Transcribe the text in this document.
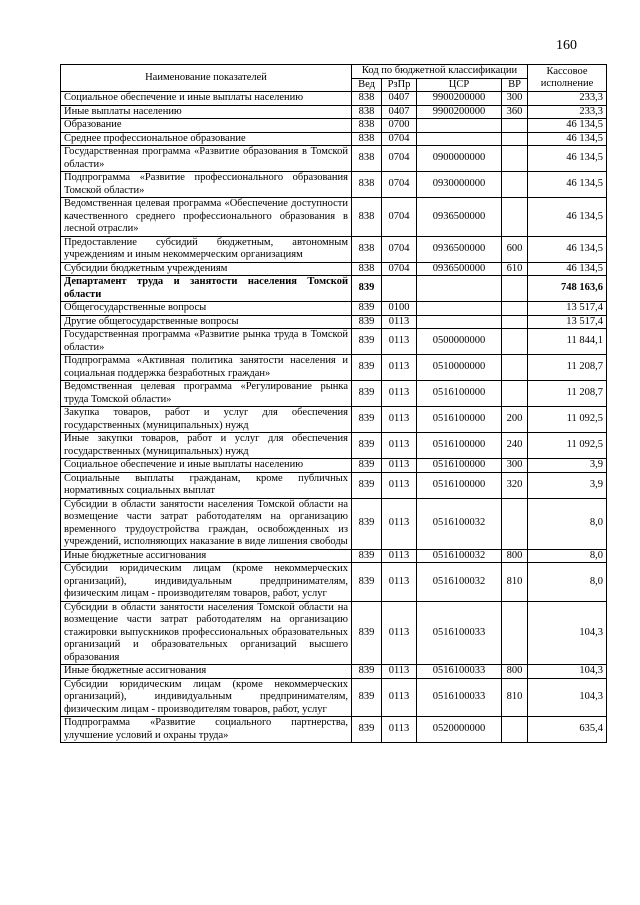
160
Наименование показателей	Код по бюджетной классификации				Кассовое исполнение
	Вед	РзПр	ЦСР	ВР	
Социальное обеспечение и иные выплаты населению	838	0407	9900200000	300	233,3
Иные выплаты населению	838	0407	9900200000	360	233,3
Образование	838	0700			46 134,5
Среднее профессиональное образование	838	0704			46 134,5
Государственная программа «Развитие образования в Томской области»	838	0704	0900000000		46 134,5
Подпрограмма «Развитие профессионального образования Томской области»	838	0704	0930000000		46 134,5
Ведомственная целевая программа «Обеспечение доступности качественного среднего профессионального образования в лесной отрасли»	838	0704	0936500000		46 134,5
Предоставление субсидий бюджетным, автономным учреждениям и иным некоммерческим организациям	838	0704	0936500000	600	46 134,5
Субсидии бюджетным учреждениям	838	0704	0936500000	610	46 134,5
Департамент труда и занятости населения Томской области	839				748 163,6
Общегосударственные вопросы	839	0100			13 517,4
Другие общегосударственные вопросы	839	0113			13 517,4
Государственная программа «Развитие рынка труда в Томской области»	839	0113	0500000000		11 844,1
Подпрограмма «Активная политика занятости населения и социальная поддержка безработных граждан»	839	0113	0510000000		11 208,7
Ведомственная целевая программа «Регулирование рынка труда Томской области»	839	0113	0516100000		11 208,7
Закупка товаров, работ и услуг для обеспечения государственных (муниципальных) нужд	839	0113	0516100000	200	11 092,5
Иные закупки товаров, работ и услуг для обеспечения государственных (муниципальных) нужд	839	0113	0516100000	240	11 092,5
Социальное обеспечение и иные выплаты населению	839	0113	0516100000	300	3,9
Социальные выплаты гражданам, кроме публичных нормативных социальных выплат	839	0113	0516100000	320	3,9
Субсидии в области занятости населения Томской области на возмещение части затрат работодателям на организацию временного трудоустройства граждан, освобожденных из учреждений, исполняющих наказание в виде лишения свободы	839	0113	0516100032		8,0
Иные бюджетные ассигнования	839	0113	0516100032	800	8,0
Субсидии юридическим лицам (кроме некоммерческих организаций), индивидуальным предпринимателям, физическим лицам - производителям товаров, работ, услуг	839	0113	0516100032	810	8,0
Субсидии в области занятости населения Томской области на возмещение части затрат работодателям на организацию стажировки выпускников профессиональных образовательных организаций и образовательных организаций высшего образования	839	0113	0516100033		104,3
Иные бюджетные ассигнования	839	0113	0516100033	800	104,3
Субсидии юридическим лицам (кроме некоммерческих организаций), индивидуальным предпринимателям, физическим лицам - производителям товаров, работ, услуг	839	0113	0516100033	810	104,3
Подпрограмма «Развитие социального партнерства, улучшение условий и охраны труда»	839	0113	0520000000		635,4
